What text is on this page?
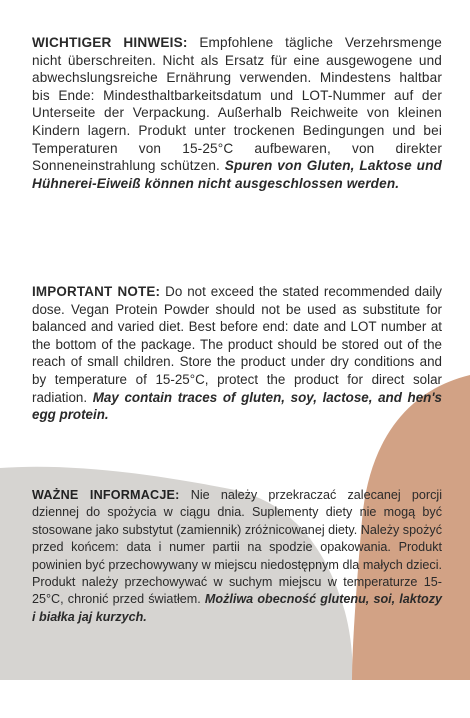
WICHTIGER HINWEIS: Empfohlene tägliche Verzehrsmenge nicht überschreiten. Nicht als Ersatz für eine ausgewogene und abwechslungsreiche Ernährung verwenden. Mindestens haltbar bis Ende: Mindesthaltbarkeitsdatum und LOT-Nummer auf der Unterseite der Verpackung. Außerhalb Reichweite von kleinen Kindern lagern. Produkt unter trockenen Bedingungen und bei Temperaturen von 15-25°C aufbewaren, von direkter Sonneneinstrahlung schützen. Spuren von Gluten, Laktose und Hühnerei-Eiweiß können nicht ausgeschlossen werden.

IMPORTANT NOTE: Do not exceed the stated recommended daily dose. Vegan Protein Powder should not be used as substitute for balanced and varied diet. Best before end: date and LOT number at the bottom of the package. The product should be stored out of the reach of small children. Store the product under dry conditions and by temperature of 15-25°C, protect the product for direct solar radiation. May contain traces of gluten, soy, lactose, and hen's egg protein.

WAŻNE INFORMACJE: Nie należy przekraczać zalecanej porcji dziennej do spożycia w ciągu dnia. Suplementy diety nie mogą być stosowane jako substytut (zamiennik) zróżnicowanej diety. Należy spożyć przed końcem: data i numer partii na spodzie opakowania. Produkt powinien być przechowywany w miejscu niedostępnym dla małych dzieci. Produkt należy przechowywać w suchym miejscu w temperaturze 15-25°C, chronić przed światłem. Możliwa obecność glutenu, soi, laktozy i białka jaj kurzych.
